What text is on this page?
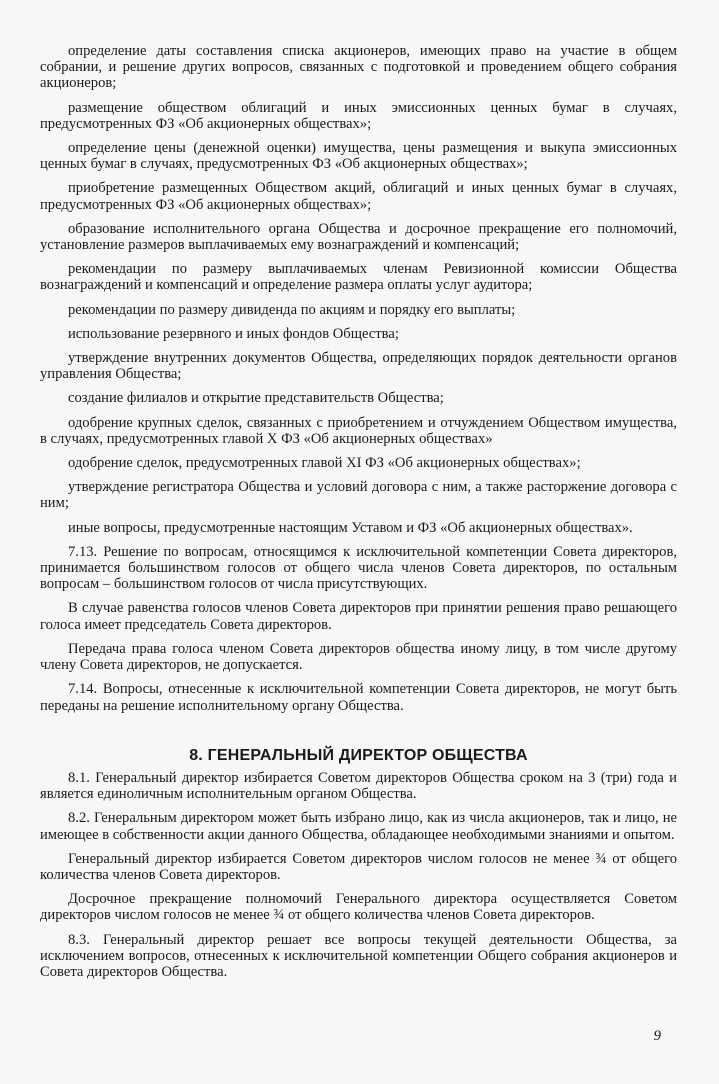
определение даты составления списка акционеров, имеющих право на участие в общем собрании, и решение других вопросов, связанных с подготовкой и проведением общего собрания акционеров;

размещение обществом облигаций и иных эмиссионных ценных бумаг в случаях, предусмотренных ФЗ «Об акционерных обществах»;

определение цены (денежной оценки) имущества, цены размещения и выкупа эмиссионных ценных бумаг в случаях, предусмотренных ФЗ «Об акционерных обществах»;

приобретение размещенных Обществом акций, облигаций и иных ценных бумаг в случаях, предусмотренных ФЗ «Об акционерных обществах»;

образование исполнительного органа Общества и досрочное прекращение его полномочий, установление размеров выплачиваемых ему вознаграждений и компенсаций;

рекомендации по размеру выплачиваемых членам Ревизионной комиссии Общества вознаграждений и компенсаций и определение размера оплаты услуг аудитора;

рекомендации по размеру дивиденда по акциям и порядку его выплаты;

использование резервного и иных фондов Общества;

утверждение внутренних документов Общества, определяющих порядок деятельности органов управления Общества;

создание филиалов и открытие представительств Общества;

одобрение крупных сделок, связанных с приобретением и отчуждением Обществом имущества, в случаях, предусмотренных главой X ФЗ «Об акционерных обществах»

одобрение сделок, предусмотренных главой XI ФЗ «Об акционерных обществах»;

утверждение регистратора Общества и условий договора с ним, а также расторжение договора с ним;

иные вопросы, предусмотренные настоящим Уставом и ФЗ «Об акционерных обществах».

7.13. Решение по вопросам, относящимся к исключительной компетенции Совета директоров, принимается большинством голосов от общего числа членов Совета директоров, по остальным вопросам – большинством голосов от числа присутствующих.

В случае равенства голосов членов Совета директоров при принятии решения право решающего голоса имеет председатель Совета директоров.

Передача права голоса членом Совета директоров общества иному лицу, в том числе другому члену Совета директоров, не допускается.

7.14. Вопросы, отнесенные к исключительной компетенции Совета директоров, не могут быть переданы на решение исполнительному органу Общества.

8. ГЕНЕРАЛЬНЫЙ ДИРЕКТОР ОБЩЕСТВА

8.1. Генеральный директор избирается Советом директоров Общества сроком на 3 (три) года и является единоличным исполнительным органом Общества.

8.2. Генеральным директором может быть избрано лицо, как из числа акционеров, так и лицо, не имеющее в собственности акции данного Общества, обладающее необходимыми знаниями и опытом.

Генеральный директор избирается Советом директоров числом голосов не менее ¾ от общего количества членов Совета директоров.

Досрочное прекращение полномочий Генерального директора осуществляется Советом директоров числом голосов не менее ¾ от общего количества членов Совета директоров.

8.3. Генеральный директор решает все вопросы текущей деятельности Общества, за исключением вопросов, отнесенных к исключительной компетенции Общего собрания акционеров и Совета директоров Общества.

9
